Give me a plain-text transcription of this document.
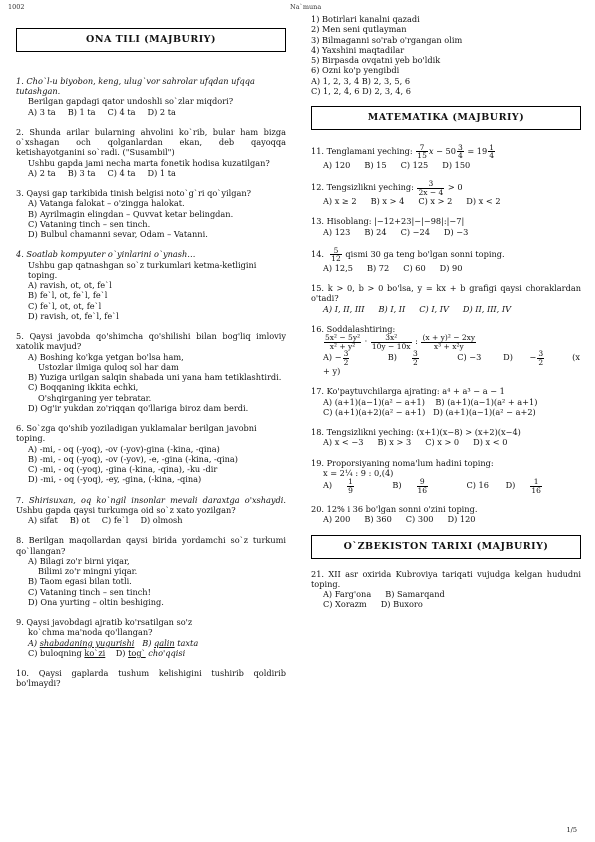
1002	Na`muna
ONA TILI (MAJBURIY)

1. Cho`l-u biyobon, keng, ulug`vor sahrolar ufqdan ufqqa tutashgan.

Berilgan gapdagi qator undoshli so`zlar miqdori?

A) 3 ta B) 1 ta C) 4 ta D) 2 ta

2. Shunda arilar bularning ahvolini ko`rib, bular ham bizga o`xshagan och qolganlardan ekan, deb qayoqqa ketishayotganini so`radi. ("Susambil")

Ushbu gapda jami necha marta fonetik hodisa kuzatilgan?

A) 2 ta B) 3 ta C) 4 ta D) 1 ta

3. Qaysi gap tarkibida tinish belgisi noto`g`ri qo`yilgan?

A) Vatanga falokat – o'zingga halokat.

B) Ayrilmagin elingdan – Quvvat ketar belingdan.

C) Vataning tinch – sen tinch.

D) Bulbul chamanni sevar, Odam – Vatanni.

4. Soatlab kompyuter o`yinlarini o`ynash…

Ushbu gap qatnashgan so`z turkumlari ketma-ketligini toping.

A) ravish, ot, ot, fe`l

B) fe`l, ot, fe`l, fe`l

C) fe`l, ot, ot, fe`l

D) ravish, ot, fe`l, fe`l

5. Qaysi javobda qo'shimcha qo'shilishi bilan bog'liq imloviy xatolik mavjud?

A) Boshing ko'kga yetgan bo'lsa ham,

Ustozlar ilmiga quloq sol har dam

B) Yuziga urilgan salqin shabada uni yana ham tetiklashtirdi.

C) Boqqaning ikkita echki,

O'shqirganing yer tebratar.

D) Og'ir yukdan zo'riqqan qo'llariga biroz dam berdi.

6. So`zga qo'shib yoziladigan yuklamalar berilgan javobni toping.

A) -mi, - oq (-yoq), -ov (-yov)-gina (-kina, -qina)

B) -mi, - oq (-yoq), -ov (-yov), -e, -gina (-kina, -qina)

C) -mi, - oq (-yoq), -gina (-kina, -qina), -ku -dir

D) -mi, - oq (-yoq), -ey, -gina, (-kina, -qina)

7. Shirisuxan, oq ko`ngil insonlar mevali daraxtga o'xshaydi. Ushbu gapda qaysi turkumga oid so`z xato yozilgan?

A) sifat B) ot C) fe`l D) olmosh

8. Berilgan maqollardan qaysi birida yordamchi so`z turkumi qo`llangan?

A) Bilagi zo'r birni yiqar,

Bilimi zo'r mingni yiqar.

B) Taom egasi bilan totli.

C) Vataning tinch – sen tinch!

D) Ona yurting – oltin beshiging.

9. Qaysi javobdagi ajratib ko'rsatilgan so'z

ko`chma ma'noda qo'llangan?

A) shabadaning yugurishi B) qalin taxta

C) buloqning ko`zi D) tog` cho'qqisi

10. Qaysi gaplarda tushum kelishigini tushirib qoldirib bo'lmaydi?

1) Botirlari kanalni qazadi

2) Men seni qutlayman

3) Bilmaganni so'rab o'rgangan olim

4) Yaxshini maqtadilar

5) Birpasda ovqatni yeb bo'ldik

6) Ozni ko'p yengibdi

A) 1, 2, 3, 4 B) 2, 3, 5, 6

C) 1, 2, 4, 6 D) 2, 3, 4, 6

MATEMATIKA (MAJBURIY)

11. Tenglamani yeching: $\frac{7}{15}$ $x - 50 \frac{3}{4} = 19 \frac{1}{4}$

A) 120 B) 15 C) 125 D) 150

12. Tengsizlikni yeching: $\frac{3}{2x - 4} > 0$

A) x ≥ 2 B) x > 4 C) x > 2 D) x < 2

13. Hisoblang: |−12+23|−|−98|:|−7|

A) 123 B) 24 C) −24 D) −3

14. $\frac{5}{12}$ qismi 30 ga teng bo'lgan sonni toping.

A) 12,5 B) 72 C) 60 D) 90

15. k > 0, b > 0 bo'lsa, y = kx + b grafigi qaysi choraklardan o'tadi?

A) I, II, III B) I, II C) I, IV D) II, III, IV

16. Soddalashtiring:

$\frac{\text{5x² − 5y²}}{\text{x² + y²}} \cdot \frac{\text{3x²}}{10y - 10x}$ : $\frac{\text{(x + y)² − 2xy}}{\text{x³ + x²y}}$

$A) - \frac{3}{2}$	$B) \frac{3}{2}$	C) −3	$D) - \frac{3}{2} (x + y)$

17. Ko'paytuvchilarga ajrating: a⁴ + a³ − a − 1

A) (a+1)(a−1)(a² − a+1) B) (a+1)(a−1)(a² + a+1)

C) (a+1)(a+2)(a² − a+1) D) (a+1)(a−1)(a² − a+2)

18. Tengsizlikni yeching: (x+1)(x−8) > (x+2)(x−4)

A) x < −3 B) x > 3 C) x > 0 D) x < 0

19. Proporsiyaning noma'lum hadini toping:

x = 2¼ : 9 : 0,(4)

$A) \frac{1}{9}$	$B) \frac{9}{16}$	C) 16 $D) \frac{1}{16}$

20. 12% i 36 bo'lgan sonni o'zini toping.

A) 200 B) 360 C) 300 D) 120

O`ZBEKISTON TARIXI (MAJBURIY)

21. XII asr oxirida Kubroviya tariqati vujudga kelgan hududni toping.

A) Farg'ona B) Samarqand

C) Xorazm D) Buxoro

1/5
